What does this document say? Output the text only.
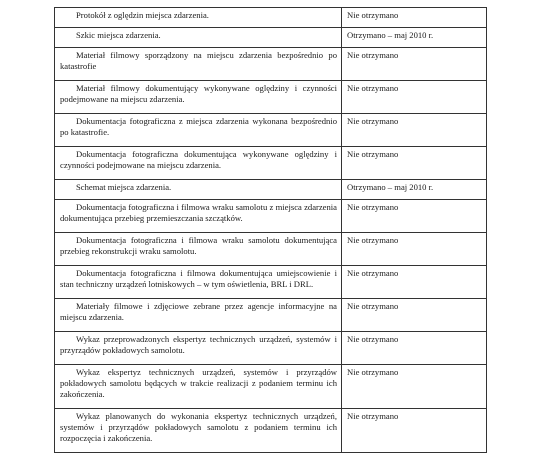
Protokół z oględzin miejsca zdarzenia.	Nie otrzymano
Szkic miejsca zdarzenia.	Otrzymano – maj 2010 r.
Materiał filmowy sporządzony na miejscu zdarzenia bezpośrednio po katastrofie	Nie otrzymano
Materiał filmowy dokumentujący wykonywane oględziny i czynności podejmowane na miejscu zdarzenia.	Nie otrzymano
Dokumentacja fotograficzna z miejsca zdarzenia wykonana bezpośrednio po katastrofie.	Nie otrzymano
Dokumentacja fotograficzna dokumentująca wykonywane oględziny i czynności podejmowane na miejscu zdarzenia.	Nie otrzymano
Schemat miejsca zdarzenia.	Otrzymano – maj 2010 r.
Dokumentacja fotograficzna i filmowa wraku samolotu z miejsca zdarzenia dokumentująca przebieg przemieszczania szczątków.	Nie otrzymano
Dokumentacja fotograficzna i filmowa wraku samolotu dokumentująca przebieg rekonstrukcji wraku samolotu.	Nie otrzymano
Dokumentacja fotograficzna i filmowa dokumentująca umiejscowienie i stan techniczny urządzeń lotniskowych – w tym oświetlenia, BRL i DRL.	Nie otrzymano
Materiały filmowe i zdjęciowe zebrane przez agencje informacyjne na miejscu zdarzenia.	Nie otrzymano
Wykaz przeprowadzonych ekspertyz technicznych urządzeń, systemów i przyrządów pokładowych samolotu.	Nie otrzymano
Wykaz ekspertyz technicznych urządzeń, systemów i przyrządów pokładowych samolotu będących w trakcie realizacji z podaniem terminu ich zakończenia.	Nie otrzymano
Wykaz planowanych do wykonania ekspertyz technicznych urządzeń, systemów i przyrządów pokładowych samolotu z podaniem terminu ich rozpoczęcia i zakończenia.	Nie otrzymano
